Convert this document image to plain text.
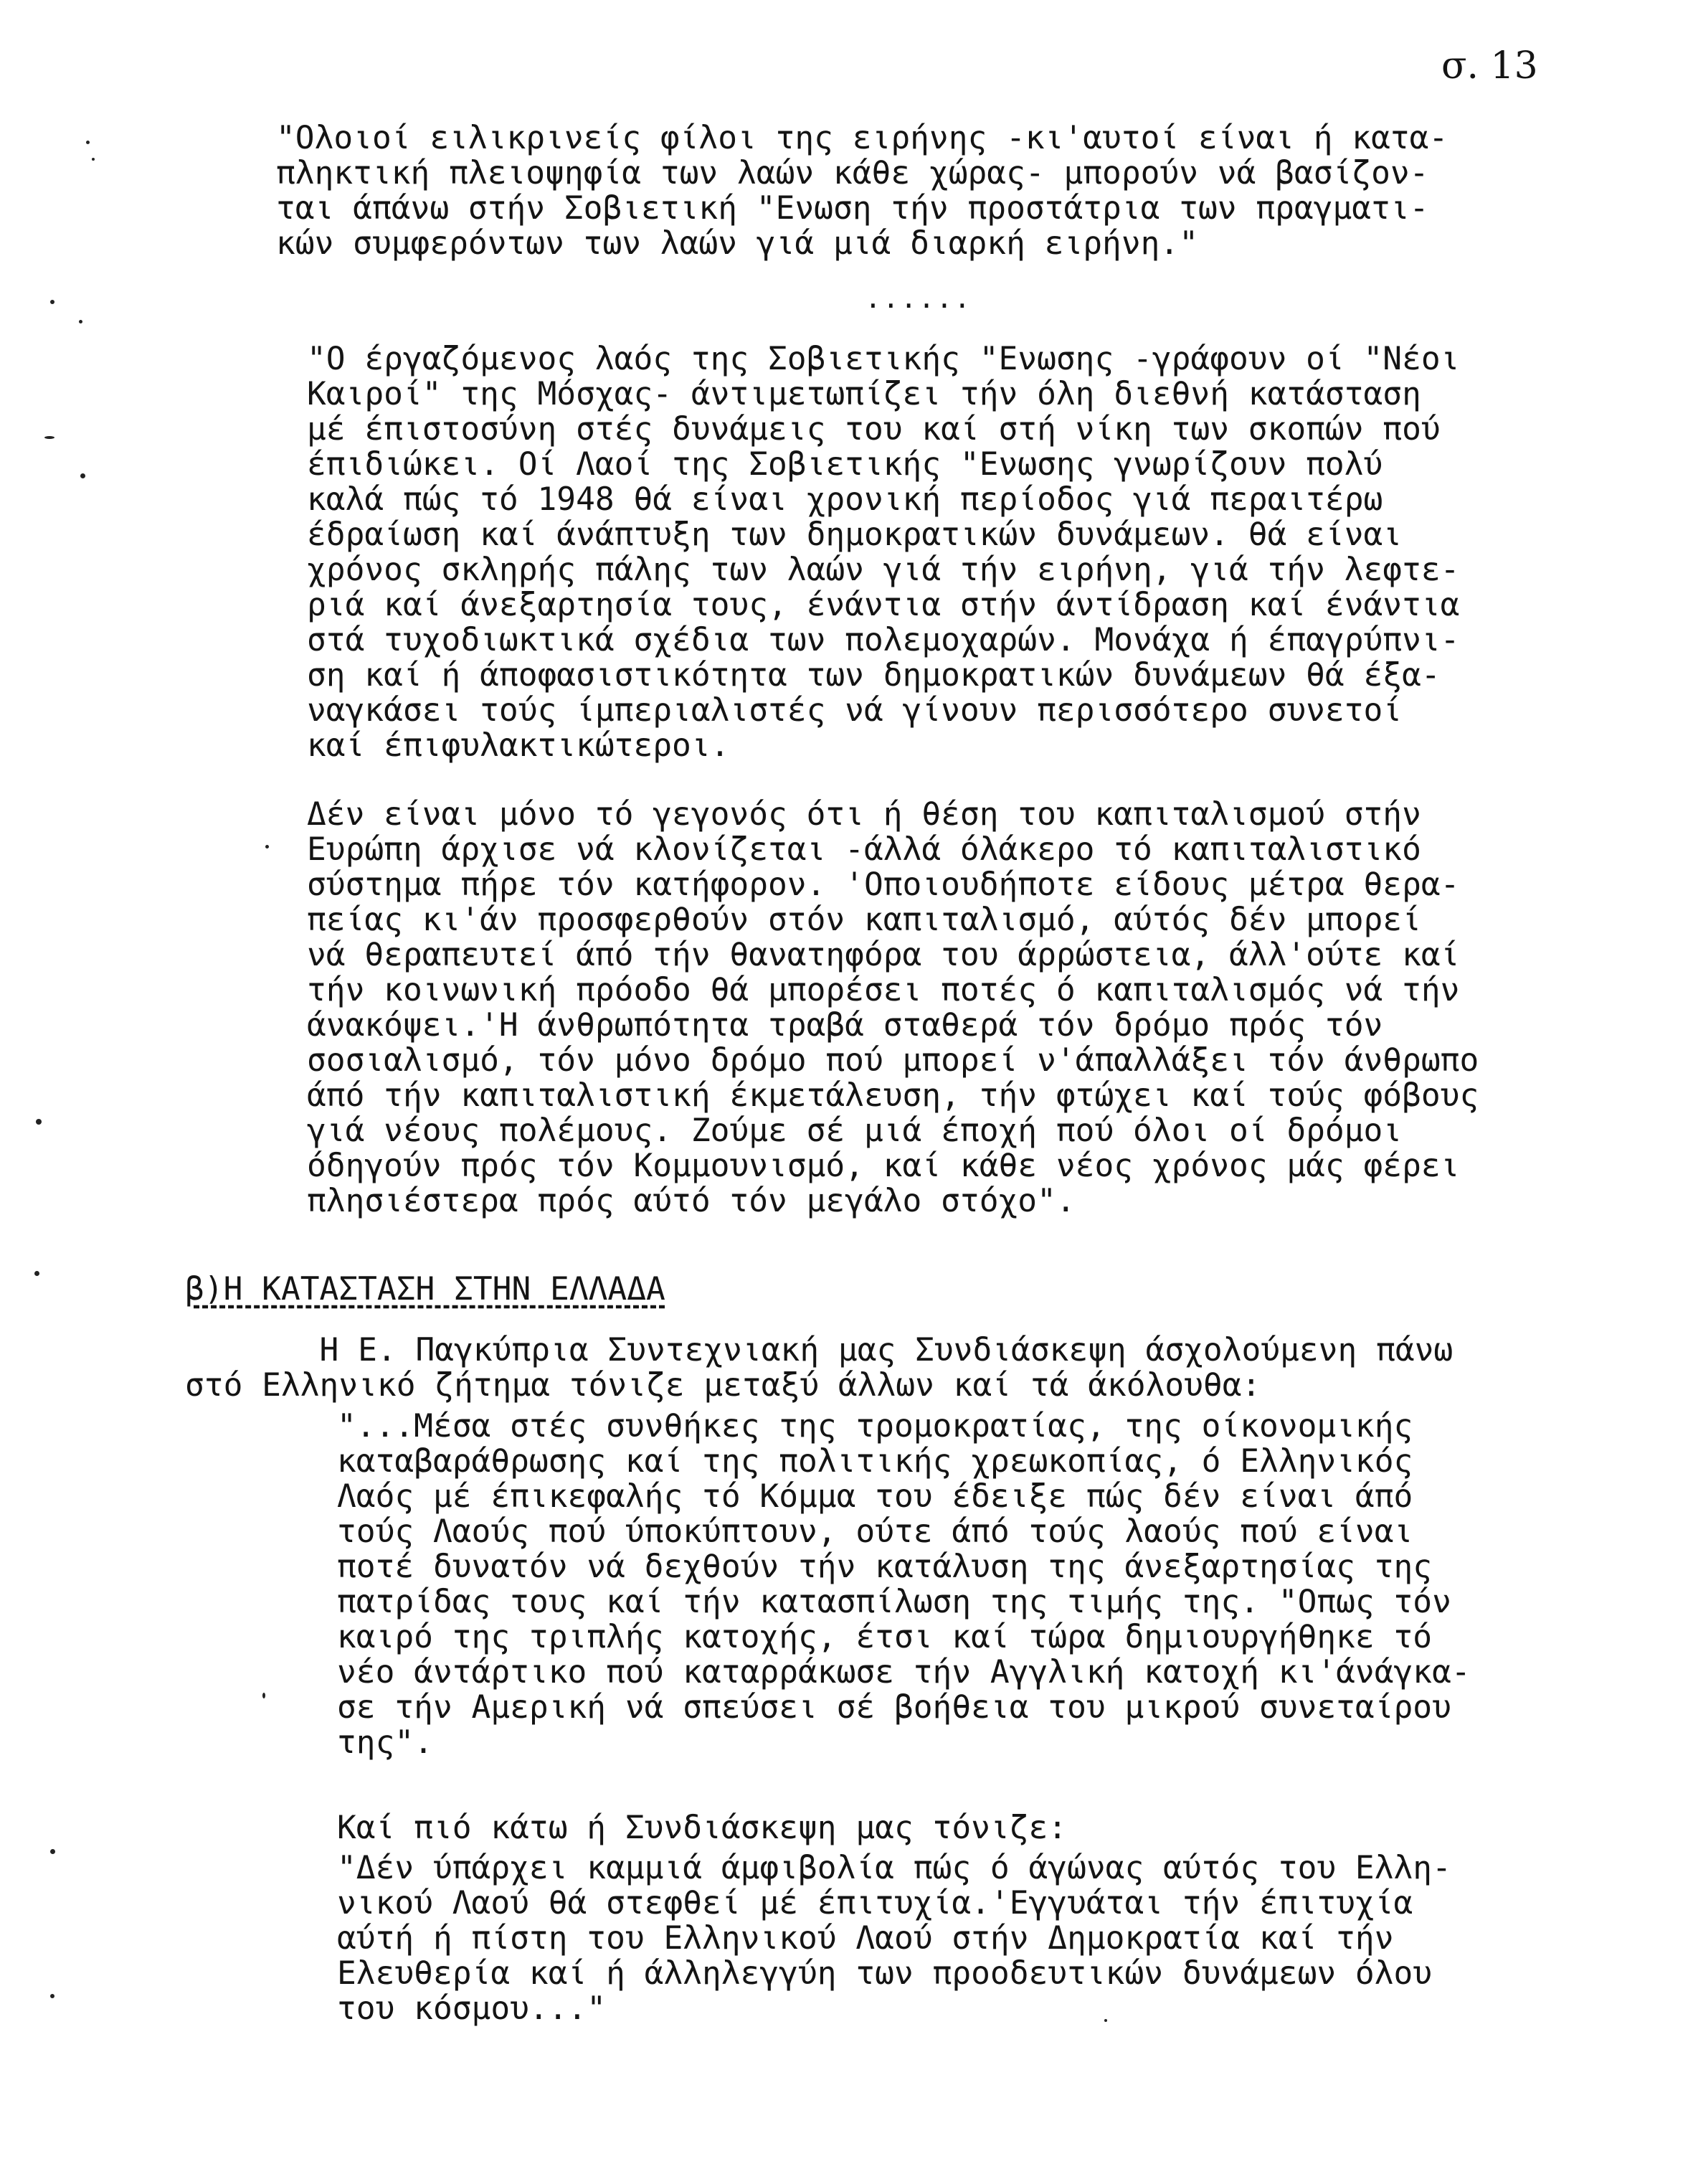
σ. 13
"Ολοιοί ειλικρινείς φίλοι της ειρήνης -κι'αυτοί είναι ή κατα-
πληκτική πλειοψηφία των λαών κάθε χώρας- μπορούν νά βασίζον-
ται άπάνω στήν Σοβιετική "Ενωση τήν προστάτρια των πραγματι-
κών συμφερόντων των λαών γιά μιά διαρκή ειρήνη."
......
"Ο έργαζόμενος λαός της Σοβιετικής "Ενωσης -γράφουν οί "Νέοι
Καιροί" της Μόσχας- άντιμετωπίζει τήν όλη διεθνή κατάσταση
μέ έπιστοσύνη στές δυνάμεις του καί στή νίκη των σκοπών πού
έπιδιώκει. Οί Λαοί της Σοβιετικής "Ενωσης γνωρίζουν πολύ
καλά πώς τό 1948 θά είναι χρονική περίοδος γιά περαιτέρω
έδραίωση καί άνάπτυξη των δημοκρατικών δυνάμεων. θά είναι
χρόνος σκληρής πάλης των λαών γιά τήν ειρήνη, γιά τήν λεφτε-
ριά καί άνεξαρτησία τους, ένάντια στήν άντίδραση καί ένάντια
στά τυχοδιωκτικά σχέδια των πολεμοχαρών. Μονάχα ή έπαγρύπνι-
ση καί ή άποφασιστικότητα των δημοκρατικών δυνάμεων θά έξα-
ναγκάσει τούς ίμπεριαλιστές νά γίνουν περισσότερο συνετοί
καί έπιφυλακτικώτεροι.
Δέν είναι μόνο τό γεγονός ότι ή θέση του καπιταλισμού στήν
Ευρώπη άρχισε νά κλονίζεται -άλλά όλάκερο τό καπιταλιστικό
σύστημα πήρε τόν κατήφορον. 'Οποιουδήποτε είδους μέτρα θερα-
πείας κι'άν προσφερθούν στόν καπιταλισμό, αύτός δέν μπορεί
νά θεραπευτεί άπό τήν θανατηφόρα του άρρώστεια, άλλ'ούτε καί
τήν κοινωνική πρόοδο θά μπορέσει ποτές ό καπιταλισμός νά τήν
άνακόψει.'Η άνθρωπότητα τραβά σταθερά τόν δρόμο πρός τόν
σοσιαλισμό, τόν μόνο δρόμο πού μπορεί ν'άπαλλάξει τόν άνθρωπο
άπό τήν καπιταλιστική έκμετάλευση, τήν φτώχει καί τούς φόβους
γιά νέους πολέμους. Ζούμε σέ μιά έποχή πού όλοι οί δρόμοι
όδηγούν πρός τόν Κομμουνισμό, καί κάθε νέος χρόνος μάς φέρει
πλησιέστερα πρός αύτό τόν μεγάλο στόχο".
β)Η ΚΑΤΑΣΤΑΣΗ ΣΤΗΝ ΕΛΛΑΔΑ
Η Ε. Παγκύπρια Συντεχνιακή μας Συνδιάσκεψη άσχολούμενη πάνω
στό Ελληνικό ζήτημα τόνιζε μεταξύ άλλων καί τά άκόλουθα:
"...Μέσα στές συνθήκες της τρομοκρατίας, της οίκονομικής
καταβαράθρωσης καί της πολιτικής χρεωκοπίας, ό Ελληνικός
Λαός μέ έπικεφαλής τό Κόμμα του έδειξε πώς δέν είναι άπό
τούς Λαούς πού ύποκύπτουν, ούτε άπό τούς λαούς πού είναι
ποτέ δυνατόν νά δεχθούν τήν κατάλυση της άνεξαρτησίας της
πατρίδας τους καί τήν κατασπίλωση της τιμής της. "Οπως τόν
καιρό της τριπλής κατοχής, έτσι καί τώρα δημιουργήθηκε τό
νέο άντάρτικο πού καταρράκωσε τήν Αγγλική κατοχή κι'άνάγκα-
σε τήν Αμερική νά σπεύσει σέ βοήθεια του μικρού συνεταίρου
της".
Καί πιό κάτω ή Συνδιάσκεψη μας τόνιζε:
"Δέν ύπάρχει καμμιά άμφιβολία πώς ό άγώνας αύτός του Ελλη-
νικού Λαού θά στεφθεί μέ έπιτυχία.'Εγγυάται τήν έπιτυχία
αύτή ή πίστη του Ελληνικού Λαού στήν Δημοκρατία καί τήν
Ελευθερία καί ή άλληλεγγύη των προοδευτικών δυνάμεων όλου
του κόσμου..."
